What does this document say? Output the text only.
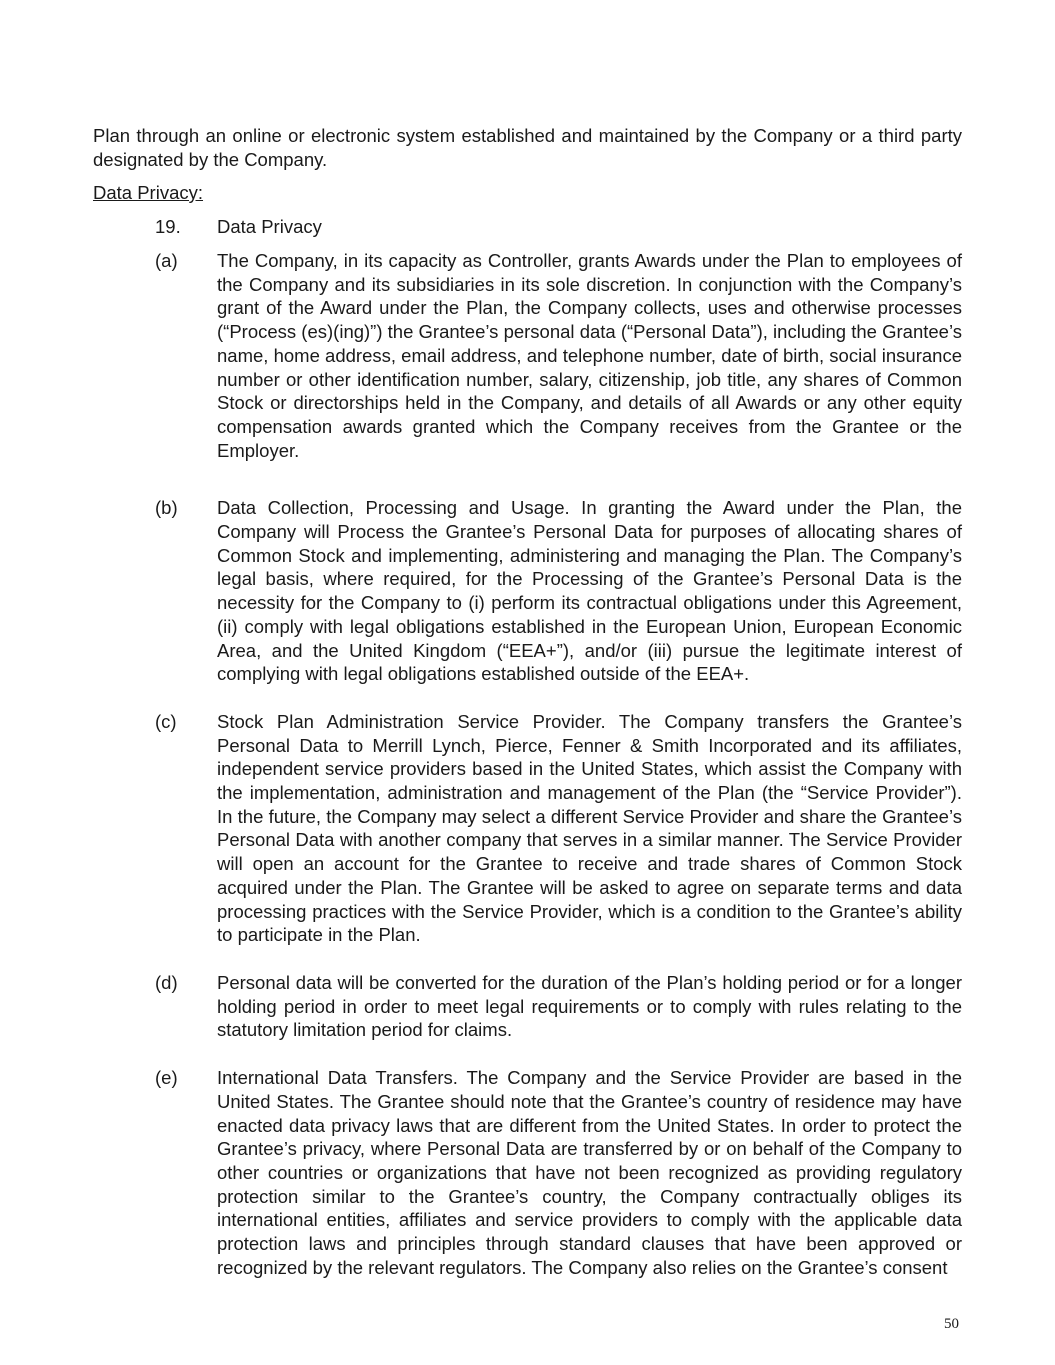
Plan through an online or electronic system established and maintained by the Company or a third party designated by the Company.

Data Privacy:
19.	Data Privacy
(a)	The Company, in its capacity as Controller, grants Awards under the Plan to employees of the Company and its subsidiaries in its sole discretion. In conjunction with the Company’s grant of the Award under the Plan, the Company collects, uses and otherwise processes (“Process (es)(ing)”) the Grantee’s personal data (“Personal Data”), including the Grantee’s name, home address, email address, and telephone number, date of birth, social insurance number or other identification number, salary, citizenship, job title, any shares of Common Stock or directorships held in the Company, and details of all Awards or any other equity compensation awards granted which the Company receives from the Grantee or the Employer.
(b)	Data Collection, Processing and Usage. In granting the Award under the Plan, the Company will Process the Grantee’s Personal Data for purposes of allocating shares of Common Stock and implementing, administering and managing the Plan. The Company’s legal basis, where required, for the Processing of the Grantee’s Personal Data is the necessity for the Company to (i) perform its contractual obligations under this Agreement, (ii) comply with legal obligations established in the European Union, European Economic Area, and the United Kingdom (“EEA+”), and/or (iii) pursue the legitimate interest of complying with legal obligations established outside of the EEA+.
(c)	Stock Plan Administration Service Provider. The Company transfers the Grantee’s Personal Data to Merrill Lynch, Pierce, Fenner & Smith Incorporated and its affiliates, independent service providers based in the United States, which assist the Company with the implementation, administration and management of the Plan (the “Service Provider”). In the future, the Company may select a different Service Provider and share the Grantee’s Personal Data with another company that serves in a similar manner. The Service Provider will open an account for the Grantee to receive and trade shares of Common Stock acquired under the Plan. The Grantee will be asked to agree on separate terms and data processing practices with the Service Provider, which is a condition to the Grantee’s ability to participate in the Plan.
(d)	Personal data will be converted for the duration of the Plan’s holding period or for a longer holding period in order to meet legal requirements or to comply with rules relating to the statutory limitation period for claims.
(e)	International Data Transfers. The Company and the Service Provider are based in the United States. The Grantee should note that the Grantee’s country of residence may have enacted data privacy laws that are different from the United States. In order to protect the Grantee’s privacy, where Personal Data are transferred by or on behalf of the Company to other countries or organizations that have not been recognized as providing regulatory protection similar to the Grantee’s country, the Company contractually obliges its international entities, affiliates and service providers to comply with the applicable data protection laws and principles through standard clauses that have been approved or recognized by the relevant regulators. The Company also relies on the Grantee’s consent
50
